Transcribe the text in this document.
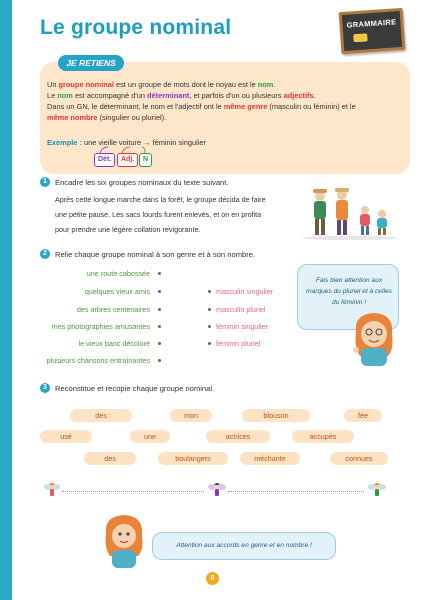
Le groupe nominal	GRAMMAIRE
JE RETIENS
Un groupe nominal est un groupe de mots dont le noyau est le nom.
Le nom est accompagné d'un déterminant, et parfois d'un ou plusieurs adjectifs.
Dans un GN, le déterminant, le nom et l'adjectif ont le même genre (masculin ou féminin) et le
même nombre (singulier ou pluriel).
Exemple : une vieille voiture → féminin singulier
Dét.	Adj.	N
1	Encadre les six groupes nominaux du texte suivant.
Après cette longue marche dans la forêt, le groupe décida de faire
une petite pause. Les sacs lourds furent enlevés, et on en profita
pour prendre une légère collation revigorante.
2	Relie chaque groupe nominal à son genre et à son nombre.
une route cabossée
quelques vieux amis
des arbres centenaires
mes photographies amusantes
le vieux banc décoloré
plusieurs chansons entraînantes
masculin singulier
masculin pluriel
féminin singulier
féminin pluriel
Fais bien attention aux marques du pluriel et à celles du féminin !
3	Reconstitue et recopie chaque groupe nominal.
des	mon	blouson	fée
usé	une	actrices	accupés
des	boulangers	méchante	connues
Attention aux accords en genre et en nombre !
8
